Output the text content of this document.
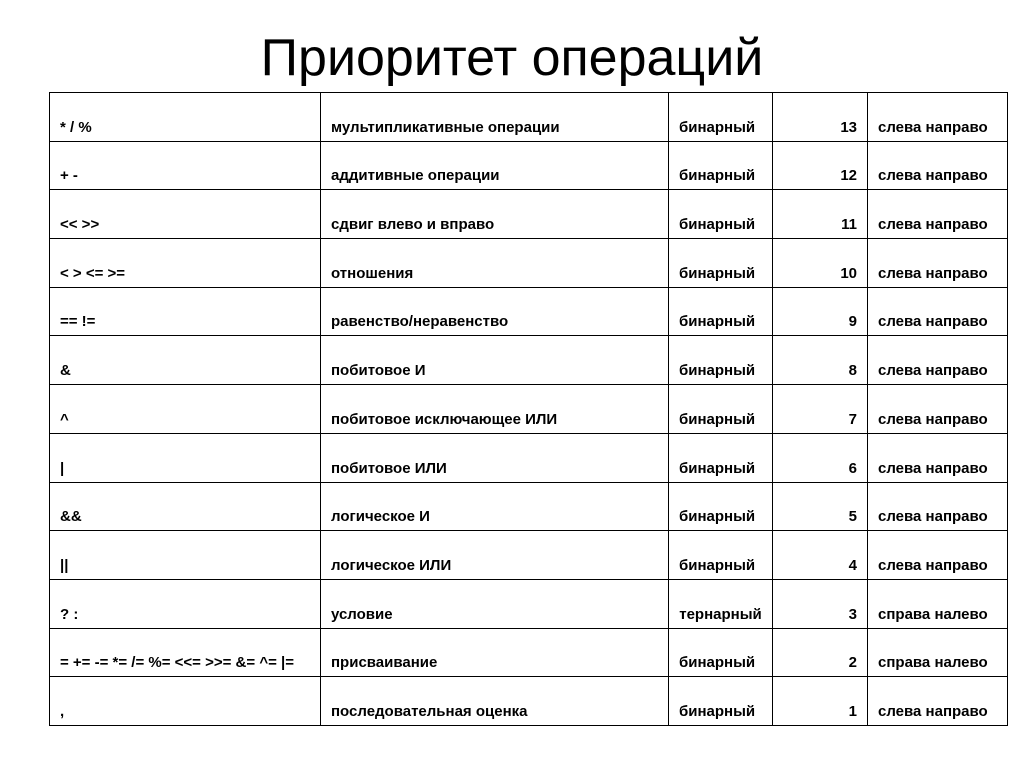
Приоритет операций
* / %	мультипликативные операции	бинарный	13	слева направо
+ -	аддитивные операции	бинарный	12	слева направо
<< >>	сдвиг влево и вправо	бинарный	11	слева направо
< > <= >=	отношения	бинарный	10	слева направо
== !=	равенство/неравенство	бинарный	9	слева направо
&	побитовое И	бинарный	8	слева направо
^	побитовое исключающее ИЛИ	бинарный	7	слева направо
|	побитовое ИЛИ	бинарный	6	слева направо
&&	логическое И	бинарный	5	слева направо
||	логическое ИЛИ	бинарный	4	слева направо
? :	условие	тернарный	3	справа налево
= += -= *= /= %= <<= >>= &= ^= |=	присваивание	бинарный	2	справа налево
,	последовательная оценка	бинарный	1	слева направо
